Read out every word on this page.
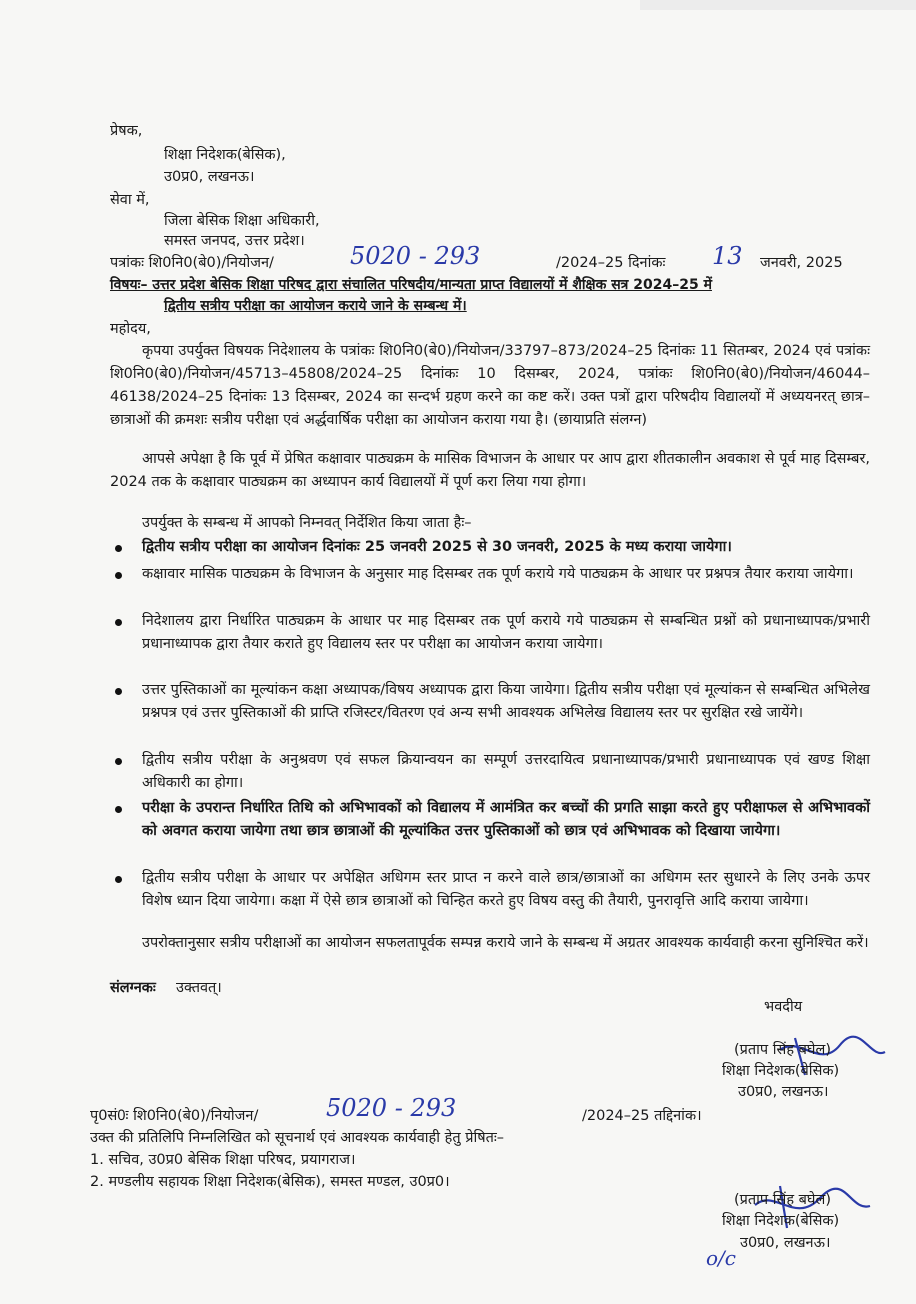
प्रेषक,
शिक्षा निदेशक(बेसिक),
उ0प्र0, लखनऊ।
सेवा में,
जिला बेसिक शिक्षा अधिकारी,
समस्त जनपद, उत्तर प्रदेश।
पत्रांकः शि0नि0(बे0)/नियोजन/	5020 - 293	/2024–25 दिनांकः 13 जनवरी, 2025
विषयः– उत्तर प्रदेश बेसिक शिक्षा परिषद द्वारा संचालित परिषदीय/मान्यता प्राप्त विद्यालयों में शैक्षिक सत्र 2024–25 में
द्वितीय सत्रीय परीक्षा का आयोजन कराये जाने के सम्बन्ध में।
महोदय,
कृपया उपर्युक्त विषयक निदेशालय के पत्रांकः शि0नि0(बे0)/नियोजन/33797–873/2024–25 दिनांकः 11 सितम्बर, 2024 एवं पत्रांकः शि0नि0(बे0)/नियोजन/45713–45808/2024–25 दिनांकः 10 दिसम्बर, 2024, पत्रांकः शि0नि0(बे0)/नियोजन/46044–46138/2024–25 दिनांकः 13 दिसम्बर, 2024 का सन्दर्भ ग्रहण करने का कष्ट करें। उक्त पत्रों द्वारा परिषदीय विद्यालयों में अध्ययनरत् छात्र–छात्राओं की क्रमशः सत्रीय परीक्षा एवं अर्द्धवार्षिक परीक्षा का आयोजन कराया गया है। (छायाप्रति संलग्न)
आपसे अपेक्षा है कि पूर्व में प्रेषित कक्षावार पाठ्यक्रम के मासिक विभाजन के आधार पर आप द्वारा शीतकालीन अवकाश से पूर्व माह दिसम्बर, 2024 तक के कक्षावार पाठ्यक्रम का अध्यापन कार्य विद्यालयों में पूर्ण करा लिया गया होगा।
उपर्युक्त के सम्बन्ध में आपको निम्नवत् निर्देशित किया जाता हैः–
द्वितीय सत्रीय परीक्षा का आयोजन दिनांकः 25 जनवरी 2025 से 30 जनवरी, 2025 के मध्य कराया जायेगा।
कक्षावार मासिक पाठ्यक्रम के विभाजन के अनुसार माह दिसम्बर तक पूर्ण कराये गये पाठ्यक्रम के आधार पर प्रश्नपत्र तैयार कराया जायेगा।
निदेशालय द्वारा निर्धारित पाठ्यक्रम के आधार पर माह दिसम्बर तक पूर्ण कराये गये पाठ्यक्रम से सम्बन्धित प्रश्नों को प्रधानाध्यापक/प्रभारी प्रधानाध्यापक द्वारा तैयार कराते हुए विद्यालय स्तर पर परीक्षा का आयोजन कराया जायेगा।
उत्तर पुस्तिकाओं का मूल्यांकन कक्षा अध्यापक/विषय अध्यापक द्वारा किया जायेगा। द्वितीय सत्रीय परीक्षा एवं मूल्यांकन से सम्बन्धित अभिलेख प्रश्नपत्र एवं उत्तर पुस्तिकाओं की प्राप्ति रजिस्टर/वितरण एवं अन्य सभी आवश्यक अभिलेख विद्यालय स्तर पर सुरक्षित रखे जायेंगे।
द्वितीय सत्रीय परीक्षा के अनुश्रवण एवं सफल क्रियान्वयन का सम्पूर्ण उत्तरदायित्व प्रधानाध्यापक/प्रभारी प्रधानाध्यापक एवं खण्ड शिक्षा अधिकारी का होगा।
परीक्षा के उपरान्त निर्धारित तिथि को अभिभावकों को विद्यालय में आमंत्रित कर बच्चों की प्रगति साझा करते हुए परीक्षाफल से अभिभावकों को अवगत कराया जायेगा तथा छात्र छात्राओं की मूल्यांकित उत्तर पुस्तिकाओं को छात्र एवं अभिभावक को दिखाया जायेगा।
द्वितीय सत्रीय परीक्षा के आधार पर अपेक्षित अधिगम स्तर प्राप्त न करने वाले छात्र/छात्राओं का अधिगम स्तर सुधारने के लिए उनके ऊपर विशेष ध्यान दिया जायेगा। कक्षा में ऐसे छात्र छात्राओं को चिन्हित करते हुए विषय वस्तु की तैयारी, पुनरावृत्ति आदि कराया जायेगा।
उपरोक्तानुसार सत्रीय परीक्षाओं का आयोजन सफलतापूर्वक सम्पन्न कराये जाने के सम्बन्ध में अग्रतर आवश्यक कार्यवाही करना सुनिश्चित करें।
संलग्नकः उक्तवत्।
भवदीय
(प्रताप सिंह बघेल)
शिक्षा निदेशक(बेसिक)
उ0प्र0, लखनऊ।
पृ0सं0ः शि0नि0(बे0)/नियोजन/	5020 - 293	/2024–25 तद्दिनांक।
उक्त की प्रतिलिपि निम्नलिखित को सूचनार्थ एवं आवश्यक कार्यवाही हेतु प्रेषितः–
1. सचिव, उ0प्र0 बेसिक शिक्षा परिषद, प्रयागराज।
2. मण्डलीय सहायक शिक्षा निदेशक(बेसिक), समस्त मण्डल, उ0प्र0।
(प्रताप सिंह बघेल)
शिक्षा निदेशक(बेसिक)
उ0प्र0, लखनऊ।
o/c
